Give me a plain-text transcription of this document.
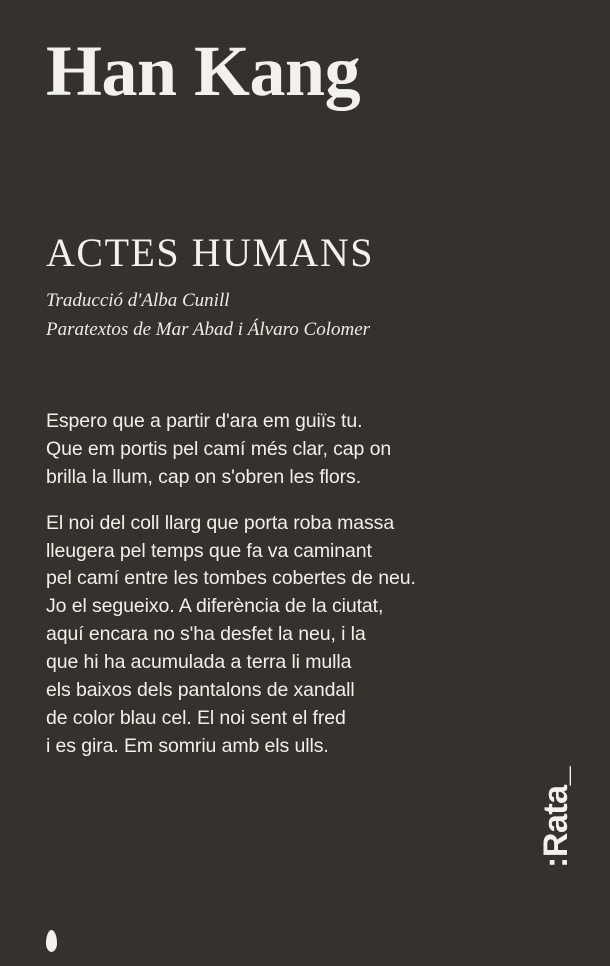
Han Kang
ACTES HUMANS
Traducció d'Alba Cunill
Paratextos de Mar Abad i Álvaro Colomer

Espero que a partir d'ara em guiïs tu.
Que em portis pel camí més clar, cap on
brilla la llum, cap on s'obren les flors.

El noi del coll llarg que porta roba massa
lleugera pel temps que fa va caminant
pel camí entre les tombes cobertes de neu.
Jo el segueixo. A diferència de la ciutat,
aquí encara no s'ha desfet la neu, i la
que hi ha acumulada a terra li mulla
els baixos dels pantalons de xandall
de color blau cel. El noi sent el fred
i es gira. Em somriu amb els ulls.

:Rata_
